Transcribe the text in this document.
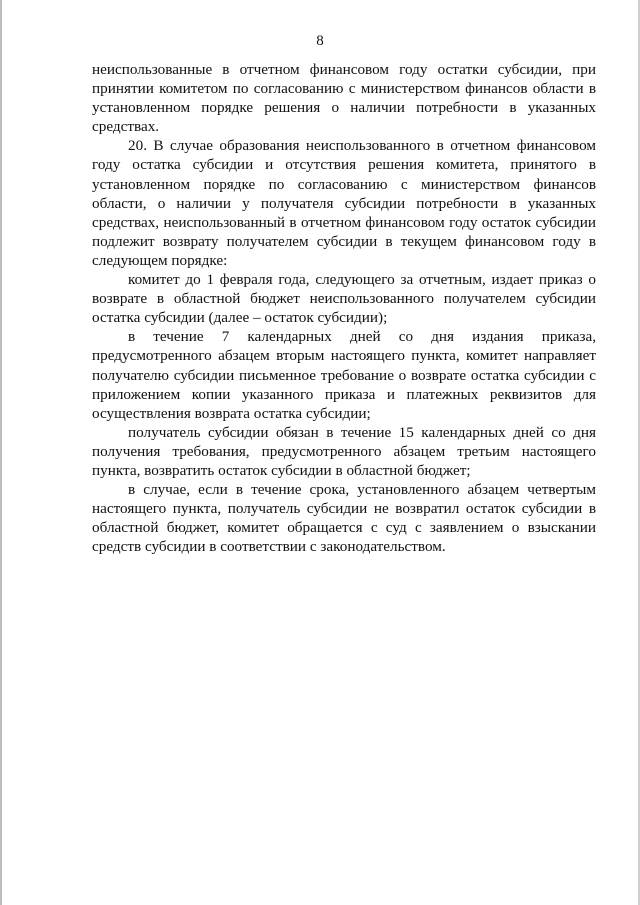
8

неиспользованные в отчетном финансовом году остатки субсидии, при принятии комитетом по согласованию с министерством финансов области в установленном порядке решения о наличии потребности в указанных средствах.

20. В случае образования неиспользованного в отчетном финансовом году остатка субсидии и отсутствия решения комитета, принятого в установленном порядке по согласованию с министерством финансов области, о наличии у получателя субсидии потребности в указанных средствах, неиспользованный в отчетном финансовом году остаток субсидии подлежит возврату получателем субсидии в текущем финансовом году в следующем порядке:

комитет до 1 февраля года, следующего за отчетным, издает приказ о возврате в областной бюджет неиспользованного получателем субсидии остатка субсидии (далее – остаток субсидии);

в течение 7 календарных дней со дня издания приказа, предусмотренного абзацем вторым настоящего пункта, комитет направляет получателю субсидии письменное требование о возврате остатка субсидии с приложением копии указанного приказа и платежных реквизитов для осуществления возврата остатка субсидии;

получатель субсидии обязан в течение 15 календарных дней со дня получения требования, предусмотренного абзацем третьим настоящего пункта, возвратить остаток субсидии в областной бюджет;

в случае, если в течение срока, установленного абзацем четвертым настоящего пункта, получатель субсидии не возвратил остаток субсидии в областной бюджет, комитет обращается с суд с заявлением о взыскании средств субсидии в соответствии с законодательством.
